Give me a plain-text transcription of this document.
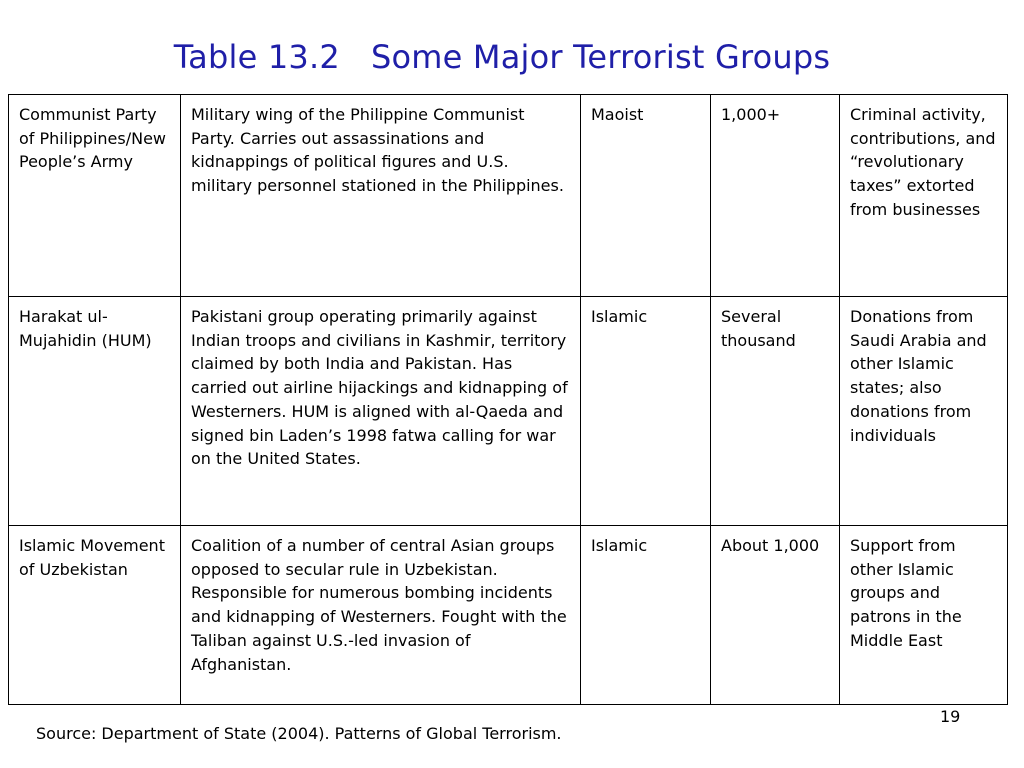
Table 13.2   Some Major Terrorist Groups
Communist Party of Philippines/New People’s Army	Military wing of the Philippine Communist Party. Carries out assassinations and kidnappings of political figures and U.S. military personnel stationed in the Philippines.	Maoist	1,000+	Criminal activity, contributions, and “revolutionary taxes” extorted from businesses
Harakat ul-Mujahidin (HUM)	Pakistani group operating primarily against Indian troops and civilians in Kashmir, territory claimed by both India and Pakistan. Has carried out airline hijackings and kidnapping of Westerners. HUM is aligned with al-Qaeda and signed bin Laden’s 1998 fatwa calling for war on the United States.	Islamic	Several thousand	Donations from Saudi Arabia and other Islamic states; also donations from individuals
Islamic Movement of Uzbekistan	Coalition of a number of central Asian groups opposed to secular rule in Uzbekistan. Responsible for numerous bombing incidents and kidnapping of Westerners. Fought with the Taliban against U.S.-led invasion of Afghanistan.	Islamic	About 1,000	Support from other Islamic groups and patrons in the Middle East
19
Source: Department of State (2004). Patterns of Global Terrorism.
